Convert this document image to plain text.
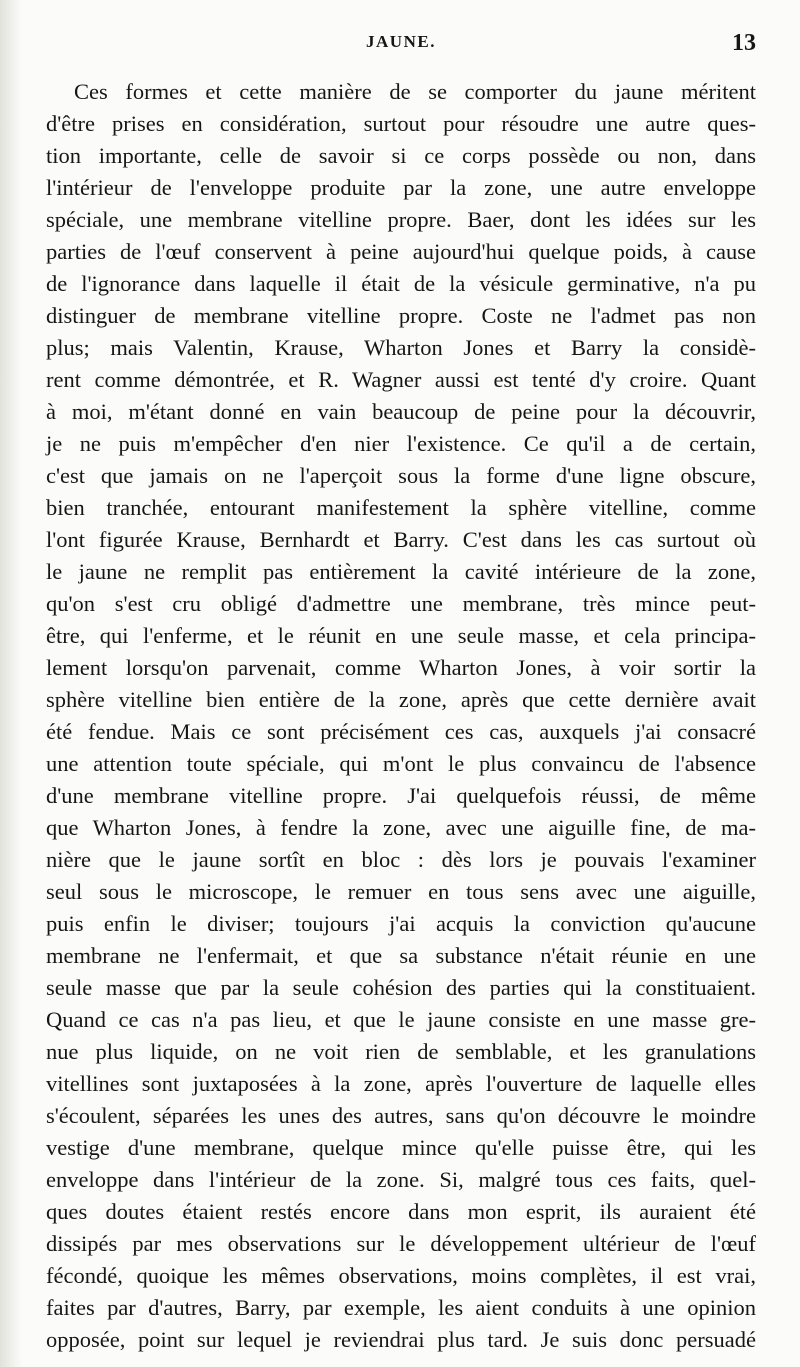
JAUNE.	13
Ces formes et cette manière de se comporter du jaune méritent
d'être prises en considération, surtout pour résoudre une autre ques-
tion importante, celle de savoir si ce corps possède ou non, dans
l'intérieur de l'enveloppe produite par la zone, une autre enveloppe
spéciale, une membrane vitelline propre. Baer, dont les idées sur les
parties de l'œuf conservent à peine aujourd'hui quelque poids, à cause
de l'ignorance dans laquelle il était de la vésicule germinative, n'a pu
distinguer de membrane vitelline propre. Coste ne l'admet pas non
plus; mais Valentin, Krause, Wharton Jones et Barry la considè-
rent comme démontrée, et R. Wagner aussi est tenté d'y croire. Quant
à moi, m'étant donné en vain beaucoup de peine pour la découvrir,
je ne puis m'empêcher d'en nier l'existence. Ce qu'il a de certain,
c'est que jamais on ne l'aperçoit sous la forme d'une ligne obscure,
bien tranchée, entourant manifestement la sphère vitelline, comme
l'ont figurée Krause, Bernhardt et Barry. C'est dans les cas surtout où
le jaune ne remplit pas entièrement la cavité intérieure de la zone,
qu'on s'est cru obligé d'admettre une membrane, très mince peut-
être, qui l'enferme, et le réunit en une seule masse, et cela principa-
lement lorsqu'on parvenait, comme Wharton Jones, à voir sortir la
sphère vitelline bien entière de la zone, après que cette dernière avait
été fendue. Mais ce sont précisément ces cas, auxquels j'ai consacré
une attention toute spéciale, qui m'ont le plus convaincu de l'absence
d'une membrane vitelline propre. J'ai quelquefois réussi, de même
que Wharton Jones, à fendre la zone, avec une aiguille fine, de ma-
nière que le jaune sortît en bloc : dès lors je pouvais l'examiner
seul sous le microscope, le remuer en tous sens avec une aiguille,
puis enfin le diviser; toujours j'ai acquis la conviction qu'aucune
membrane ne l'enfermait, et que sa substance n'était réunie en une
seule masse que par la seule cohésion des parties qui la constituaient.
Quand ce cas n'a pas lieu, et que le jaune consiste en une masse gre-
nue plus liquide, on ne voit rien de semblable, et les granulations
vitellines sont juxtaposées à la zone, après l'ouverture de laquelle elles
s'écoulent, séparées les unes des autres, sans qu'on découvre le moindre
vestige d'une membrane, quelque mince qu'elle puisse être, qui les
enveloppe dans l'intérieur de la zone. Si, malgré tous ces faits, quel-
ques doutes étaient restés encore dans mon esprit, ils auraient été
dissipés par mes observations sur le développement ultérieur de l'œuf
fécondé, quoique les mêmes observations, moins complètes, il est vrai,
faites par d'autres, Barry, par exemple, les aient conduits à une opinion
opposée, point sur lequel je reviendrai plus tard. Je suis donc persuadé
